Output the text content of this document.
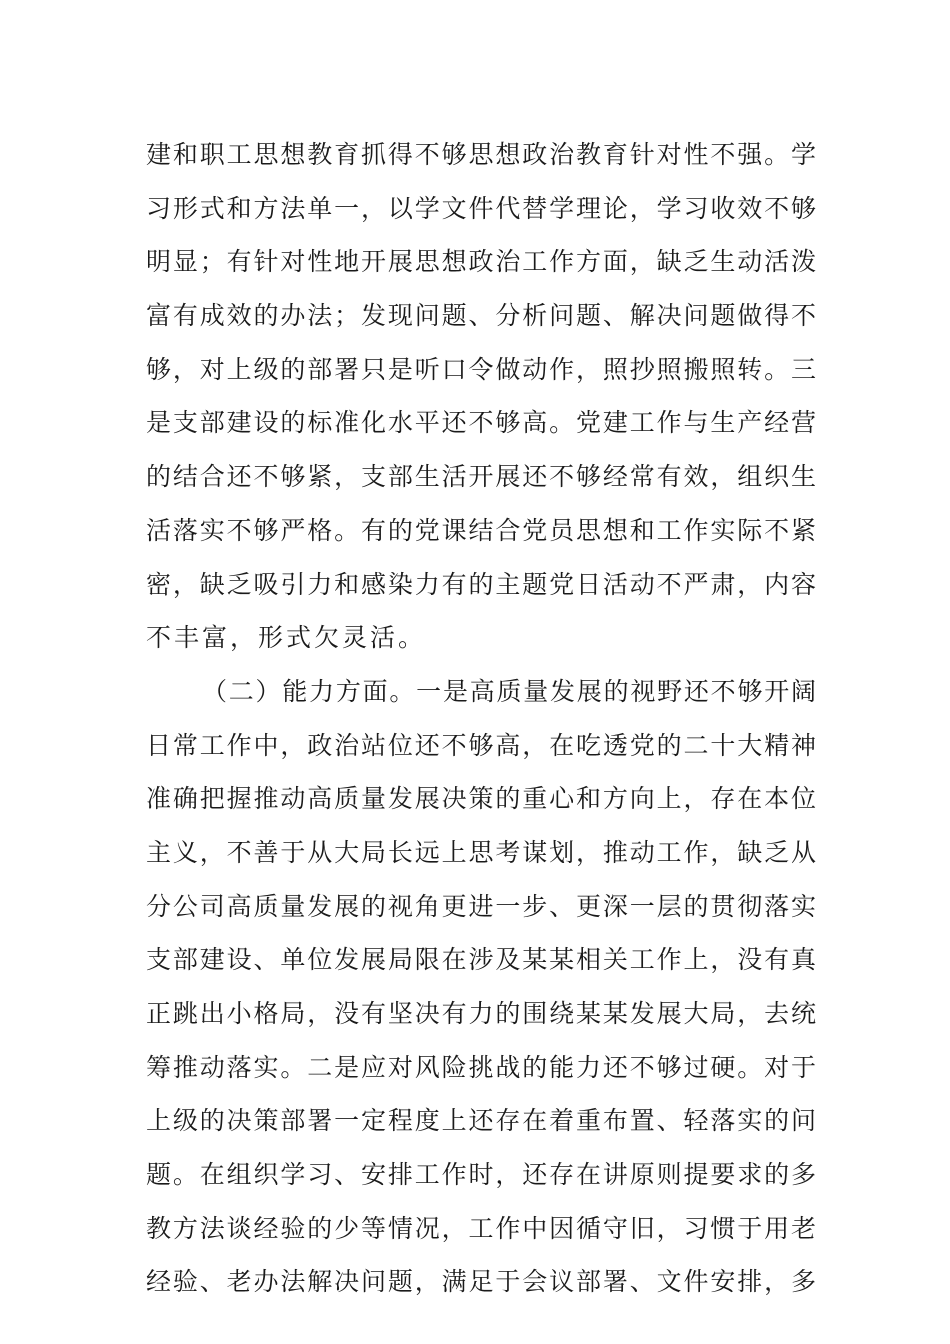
建和职工思想教育抓得不够思想政治教育针对性不强。学
习形式和方法单一，以学文件代替学理论，学习收效不够
明显；有针对性地开展思想政治工作方面，缺乏生动活泼
富有成效的办法；发现问题、分析问题、解决问题做得不
够，对上级的部署只是听口令做动作，照抄照搬照转。三
是支部建设的标准化水平还不够高。党建工作与生产经营
的结合还不够紧，支部生活开展还不够经常有效，组织生
活落实不够严格。有的党课结合党员思想和工作实际不紧
密，缺乏吸引力和感染力有的主题党日活动不严肃，内容
不丰富，形式欠灵活。
（二）能力方面。一是高质量发展的视野还不够开阔
日常工作中，政治站位还不够高，在吃透党的二十大精神
准确把握推动高质量发展决策的重心和方向上，存在本位
主义，不善于从大局长远上思考谋划，推动工作，缺乏从
分公司高质量发展的视角更进一步、更深一层的贯彻落实
支部建设、单位发展局限在涉及某某相关工作上，没有真
正跳出小格局，没有坚决有力的围绕某某发展大局，去统
筹推动落实。二是应对风险挑战的能力还不够过硬。对于
上级的决策部署一定程度上还存在着重布置、轻落实的问
题。在组织学习、安排工作时，还存在讲原则提要求的多
教方法谈经验的少等情况，工作中因循守旧，习惯于用老
经验、老办法解决问题，满足于会议部署、文件安排，多
